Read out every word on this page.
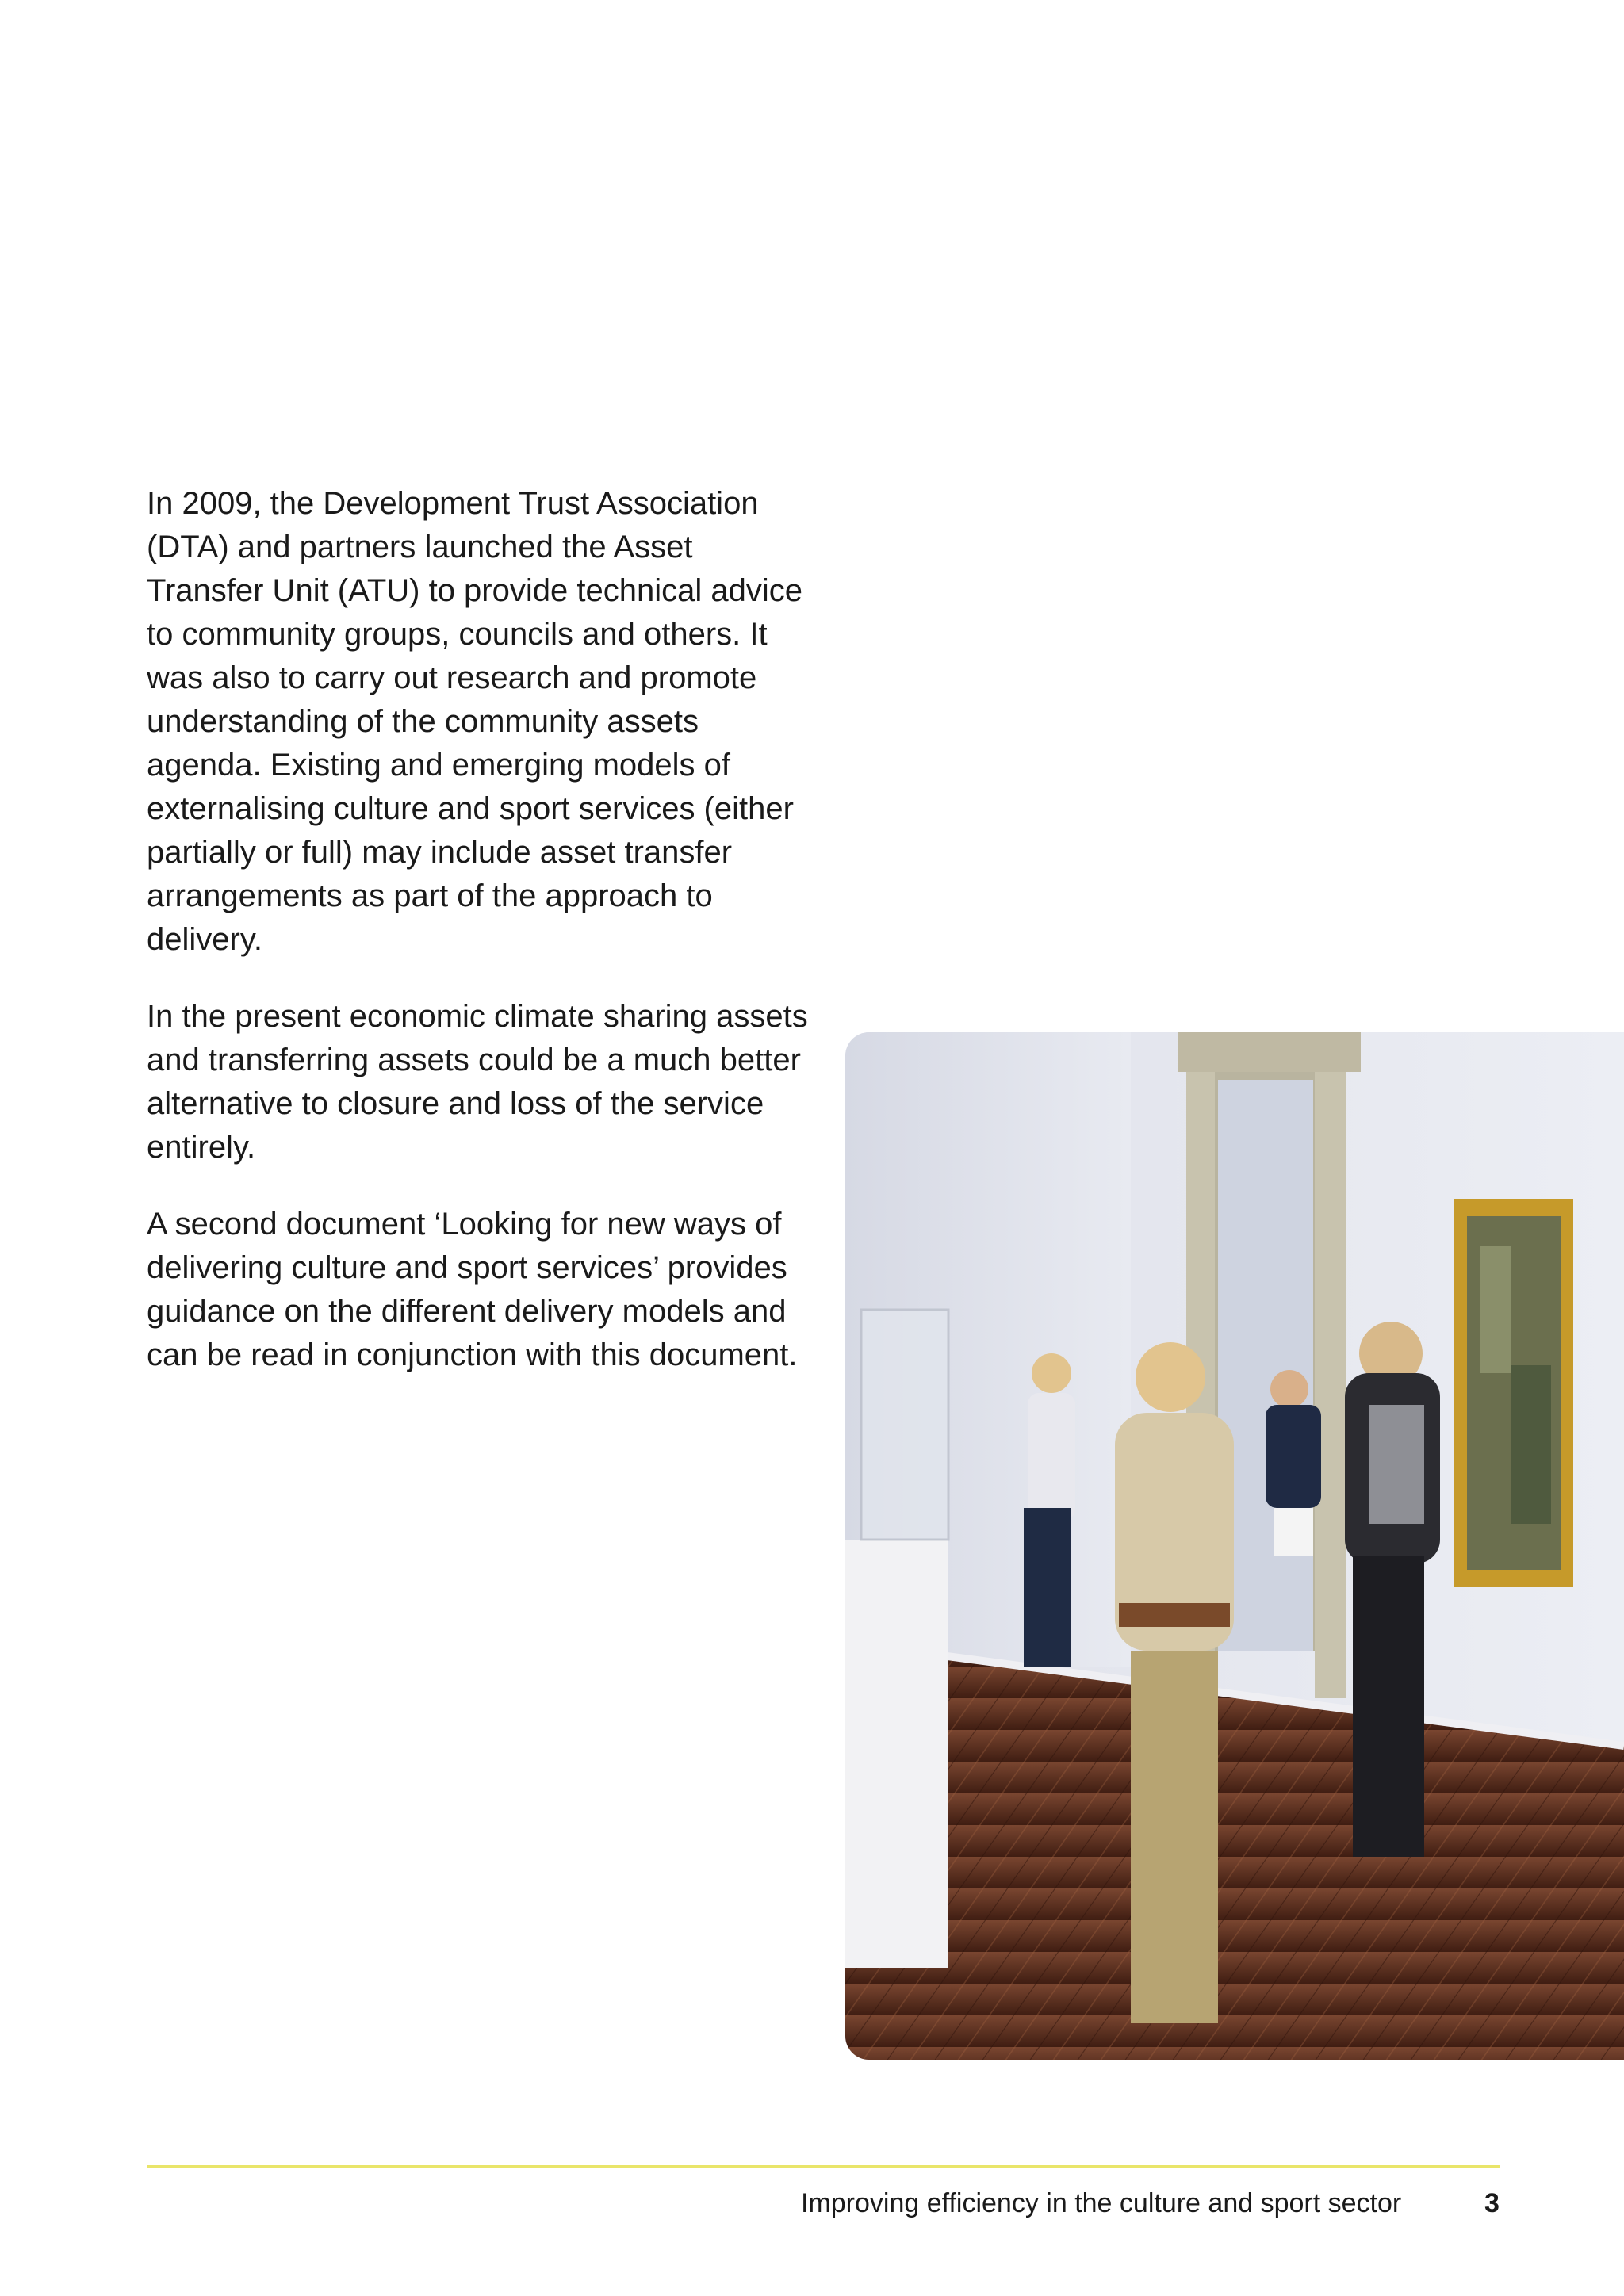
In 2009, the Development Trust Association (DTA) and partners launched the Asset Transfer Unit (ATU) to provide technical advice to community groups, councils and others. It was also to carry out research and promote understanding of the community assets agenda. Existing and emerging models of externalising culture and sport services (either partially or full) may include asset transfer arrangements as part of the approach to delivery.

In the present economic climate sharing assets and transferring assets could be a much better alternative to closure and loss of the service entirely.

A second document ‘Looking for new ways of delivering culture and sport services’ provides guidance on the different delivery models and can be read in conjunction with this document.

Improving efficiency in the culture and sport sector	3
